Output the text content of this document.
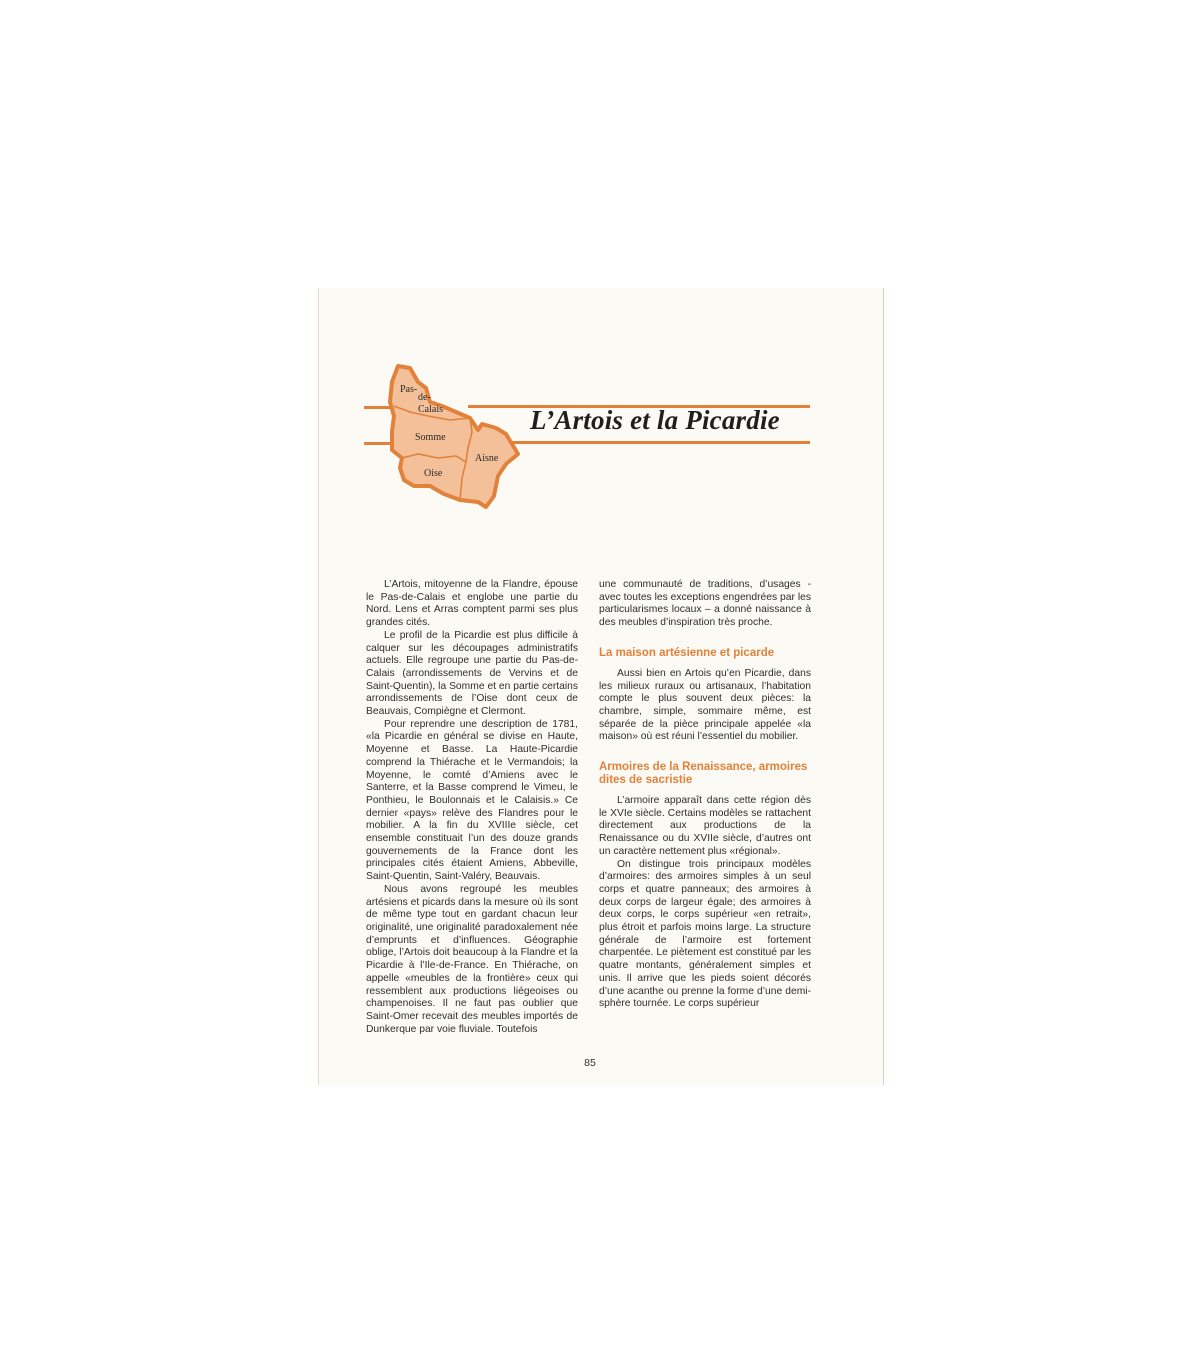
Pas-
de-
Calais
Somme
Aisne
Oise
L’Artois et la Picardie

L’Artois, mitoyenne de la Flandre, épouse le Pas-de-Calais et englobe une partie du Nord. Lens et Arras comptent parmi ses plus grandes cités.

Le profil de la Picardie est plus difficile à calquer sur les découpages administratifs actuels. Elle regroupe une partie du Pas-de-Calais (arrondissements de Vervins et de Saint-Quentin), la Somme et en partie certains arrondissements de l’Oise dont ceux de Beauvais, Compiègne et Clermont.

Pour reprendre une description de 1781, «la Picardie en général se divise en Haute, Moyenne et Basse. La Haute-Picardie comprend la Thiérache et le Vermandois; la Moyenne, le comté d’Amiens avec le Santerre, et la Basse comprend le Vimeu, le Ponthieu, le Boulonnais et le Calaisis.» Ce dernier «pays» relève des Flandres pour le mobilier. A la fin du XVIIIe siècle, cet ensemble constituait l’un des douze grands gouvernements de la France dont les principales cités étaient Amiens, Abbeville, Saint-Quentin, Saint-Valéry, Beauvais.

Nous avons regroupé les meubles artésiens et picards dans la mesure où ils sont de même type tout en gardant chacun leur originalité, une originalité paradoxalement née d’emprunts et d’influences. Géographie oblige, l’Artois doit beaucoup à la Flandre et la Picardie à l’Ile-de-France. En Thiérache, on appelle «meubles de la frontière» ceux qui ressemblent aux productions liégeoises ou champenoises. Il ne faut pas oublier que Saint-Omer recevait des meubles importés de Dunkerque par voie fluviale. Toutefois

une communauté de traditions, d’usages - avec toutes les exceptions engendrées par les particularismes locaux – a donné naissance à des meubles d’inspiration très proche.

La maison artésienne et picarde

Aussi bien en Artois qu’en Picardie, dans les milieux ruraux ou artisanaux, l’habitation compte le plus souvent deux pièces: la chambre, simple, sommaire même, est séparée de la pièce principale appelée «la maison» où est réuni l’essentiel du mobilier.

Armoires de la Renaissance, armoires dites de sacristie

L’armoire apparaît dans cette région dès le XVIe siècle. Certains modèles se rattachent directement aux productions de la Renaissance ou du XVIIe siècle, d’autres ont un caractère nettement plus «régional».

On distingue trois principaux modèles d’armoires: des armoires simples à un seul corps et quatre panneaux; des armoires à deux corps de largeur égale; des armoires à deux corps, le corps supérieur «en retrait», plus étroit et parfois moins large. La structure générale de l’armoire est fortement charpentée. Le piètement est constitué par les quatre montants, généralement simples et unis. Il arrive que les pieds soient décorés d’une acanthe ou prenne la forme d’une demi-sphère tournée. Le corps supérieur

85
